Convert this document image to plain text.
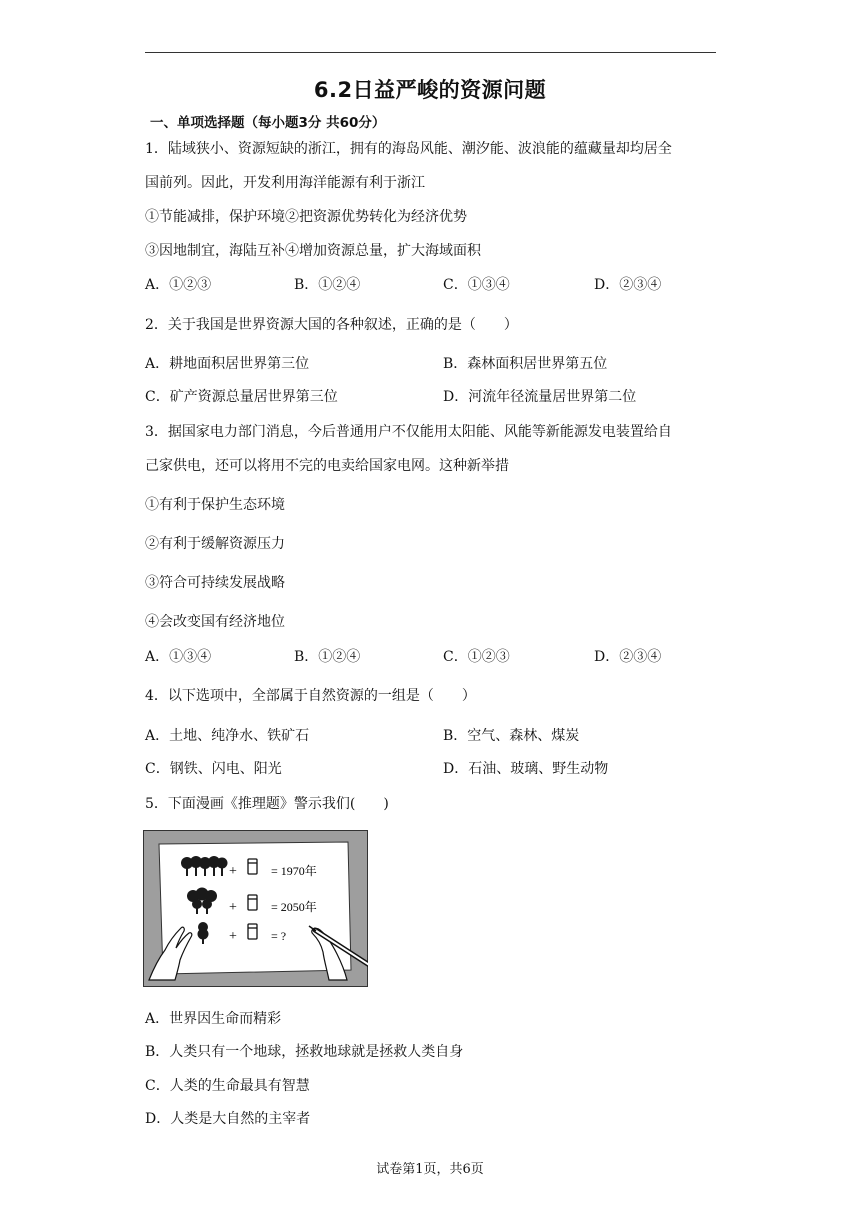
6.2日益严峻的资源问题
一、单项选择题（每小题3分 共60分）
1．陆域狭小、资源短缺的浙江，拥有的海岛风能、潮汐能、波浪能的蕴藏量却均居全
国前列。因此，开发利用海洋能源有利于浙江
①节能减排，保护环境②把资源优势转化为经济优势
③因地制宜，海陆互补④增加资源总量，扩大海域面积
A．①②③	B．①②④	C．①③④	D．②③④
2．关于我国是世界资源大国的各种叙述，正确的是（　　）
A．耕地面积居世界第三位	B．森林面积居世界第五位
C．矿产资源总量居世界第三位	D．河流年径流量居世界第二位
3．据国家电力部门消息，今后普通用户不仅能用太阳能、风能等新能源发电装置给自
己家供电，还可以将用不完的电卖给国家电网。这种新举措
①有利于保护生态环境
②有利于缓解资源压力
③符合可持续发展战略
④会改变国有经济地位
A．①③④	B．①②④	C．①②③	D．②③④
4．以下选项中，全部属于自然资源的一组是（　　）
A．土地、纯净水、铁矿石	B．空气、森林、煤炭
C．钢铁、闪电、阳光	D．石油、玻璃、野生动物
5．下面漫画《推理题》警示我们(　　)
+	= 1970年
+	= 2050年
+	= ?
A．世界因生命而精彩
B．人类只有一个地球，拯救地球就是拯救人类自身
C．人类的生命最具有智慧
D．人类是大自然的主宰者
试卷第1页，共6页
